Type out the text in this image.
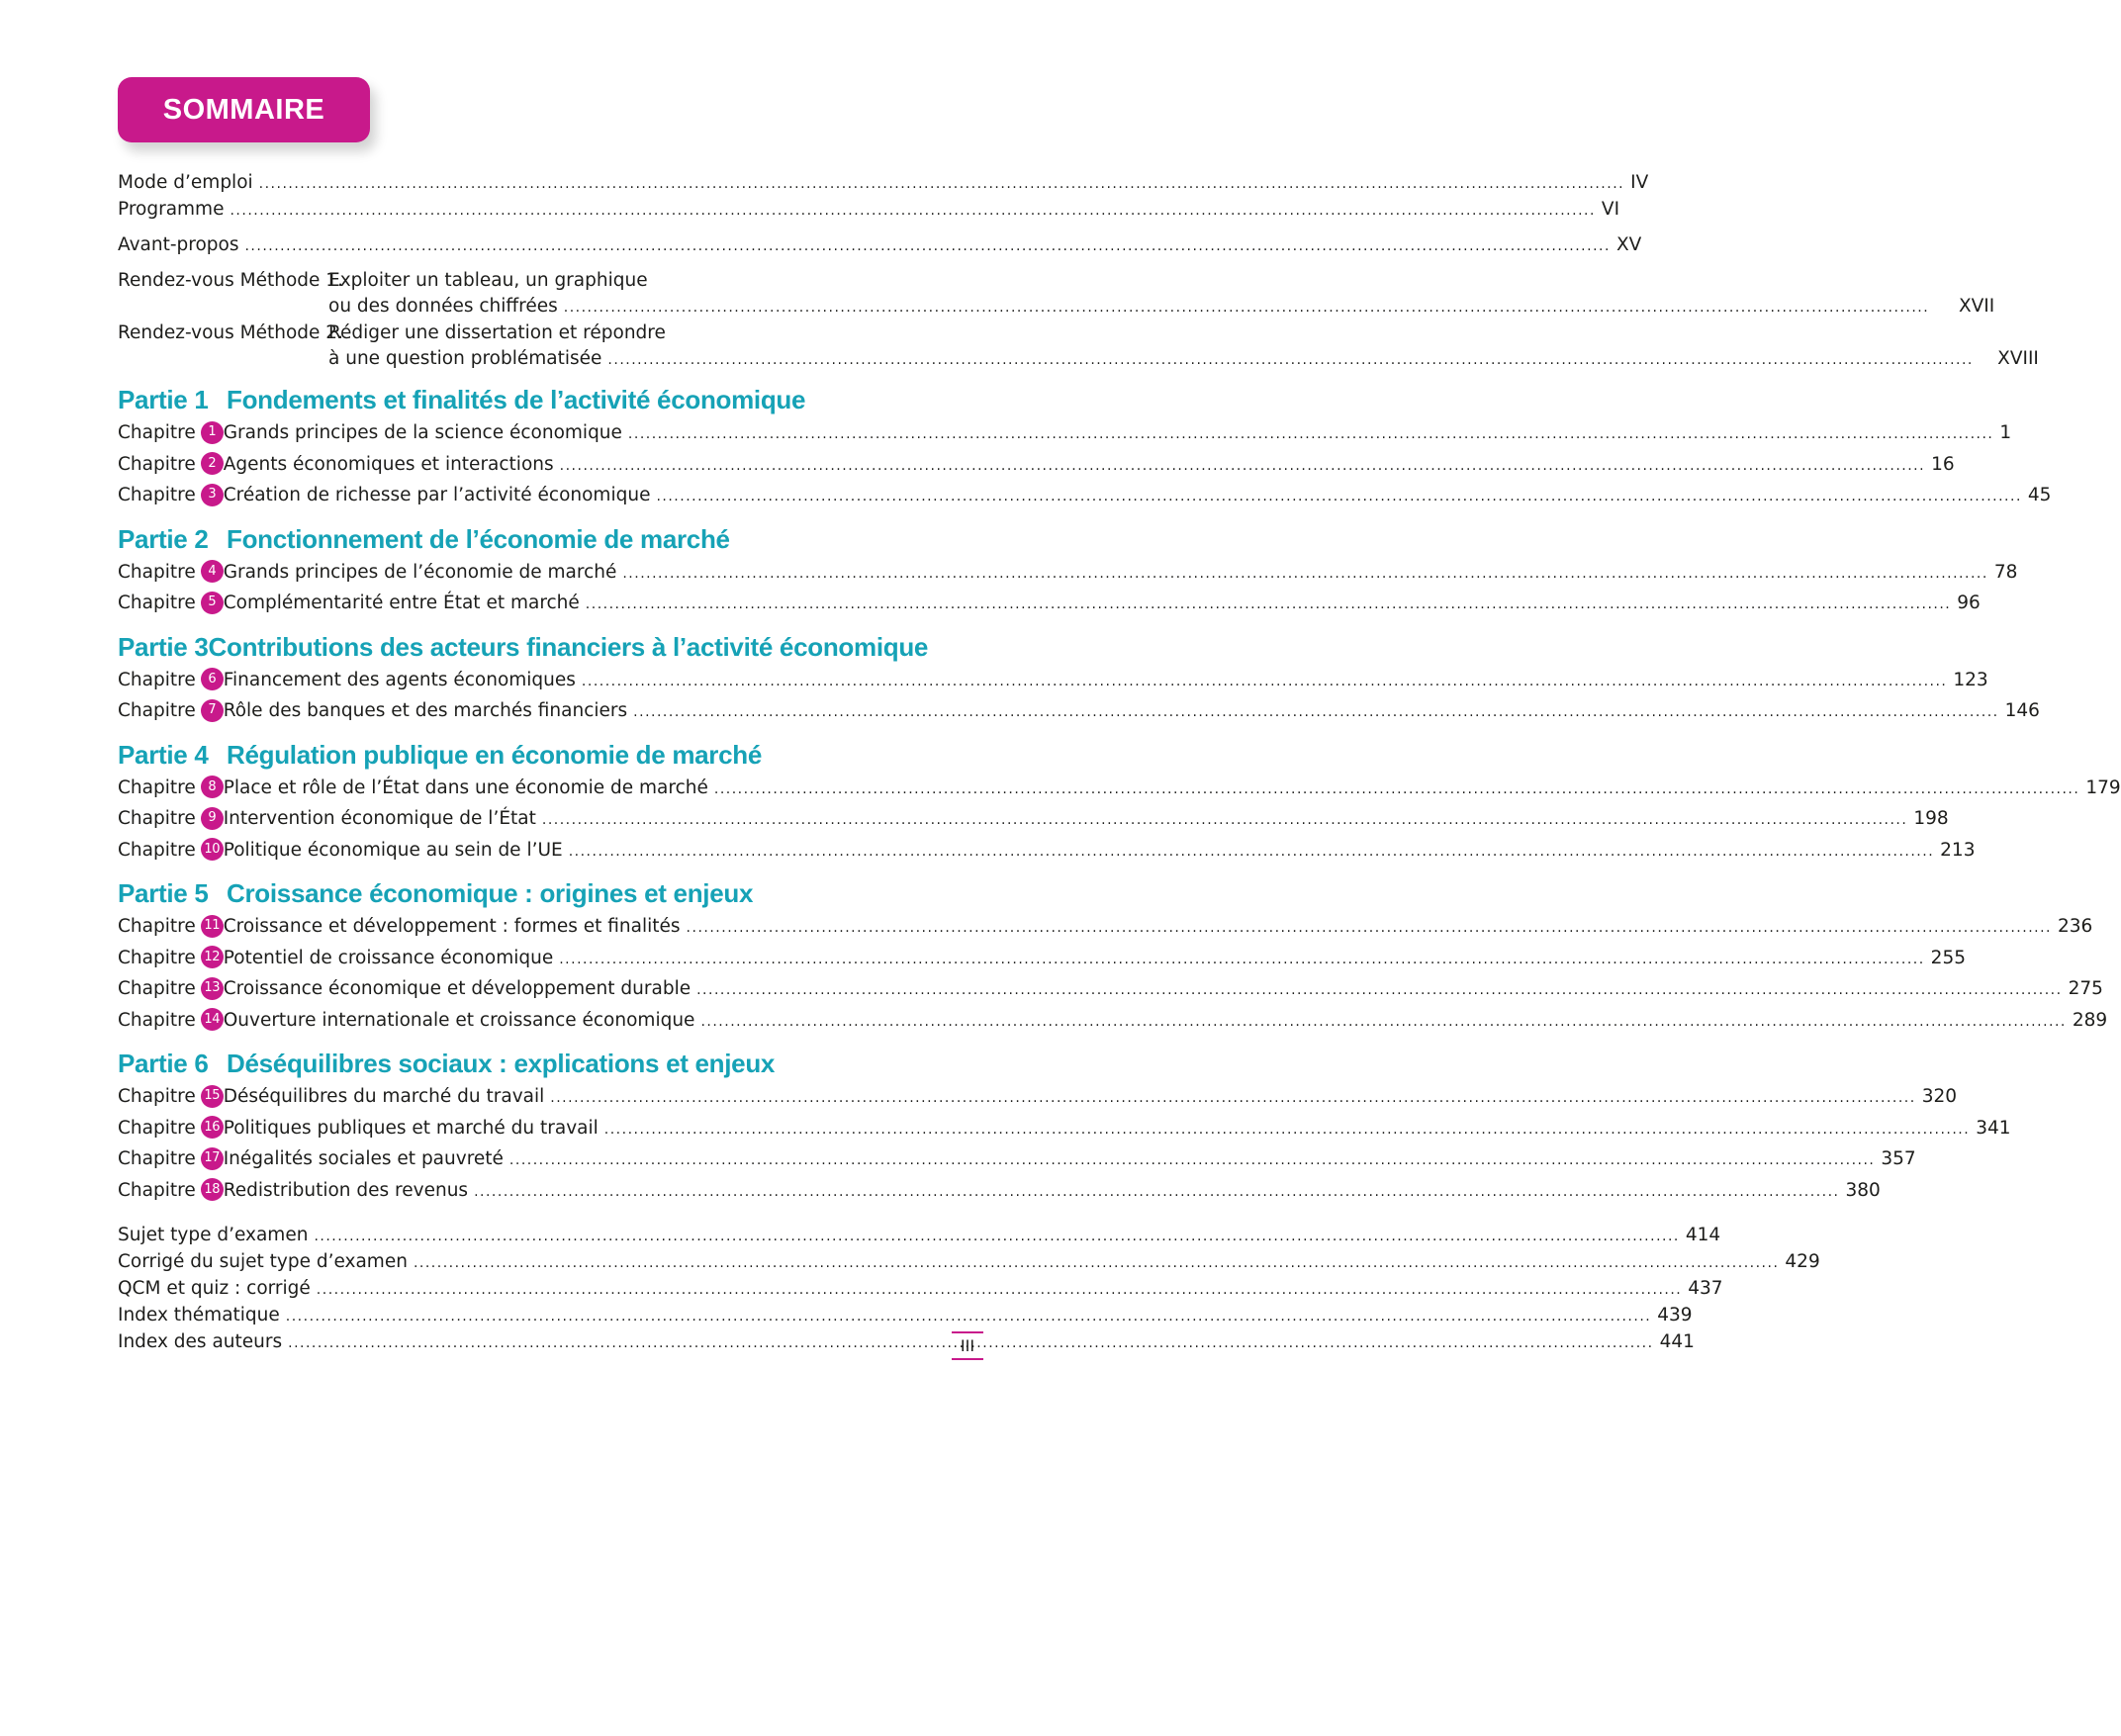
SOMMAIRE
Mode d’emploi .....	IV
Programme .....	VI
Avant-propos .....	XV
Rendez-vous Méthode 1.
Exploiter un tableau, un graphique
ou des données chiffrées .....	XVII
Rendez-vous Méthode 2.
Rédiger une dissertation et répondre
à une question problématisée .....	XVIII
Partie 1 Fondements et finalités de l’activité économique
Chapitre 1 Grands principes de la science économique .....	1
Chapitre 2 Agents économiques et interactions .....	16
Chapitre 3 Création de richesse par l’activité économique .....	45
Partie 2 Fonctionnement de l’économie de marché
Chapitre 4 Grands principes de l’économie de marché .....	78
Chapitre 5 Complémentarité entre État et marché .....	96
Partie 3 Contributions des acteurs financiers à l’activité économique
Chapitre 6 Financement des agents économiques .....	123
Chapitre 7 Rôle des banques et des marchés financiers .....	146
Partie 4 Régulation publique en économie de marché
Chapitre 8 Place et rôle de l’État dans une économie de marché .....	179
Chapitre 9 Intervention économique de l’État .....	198
Chapitre 10 Politique économique au sein de l’UE .....	213
Partie 5 Croissance économique : origines et enjeux
Chapitre 11 Croissance et développement : formes et finalités .....	236
Chapitre 12 Potentiel de croissance économique .....	255
Chapitre 13 Croissance économique et développement durable .....	275
Chapitre 14 Ouverture internationale et croissance économique .....	289
Partie 6 Déséquilibres sociaux : explications et enjeux
Chapitre 15 Déséquilibres du marché du travail .....	320
Chapitre 16 Politiques publiques et marché du travail .....	341
Chapitre 17 Inégalités sociales et pauvreté .....	357
Chapitre 18 Redistribution des revenus .....	380
Sujet type d’examen .....	414
Corrigé du sujet type d’examen .....	429
QCM et quiz : corrigé .....	437
Index thématique .....	439
Index des auteurs .....	441
III
